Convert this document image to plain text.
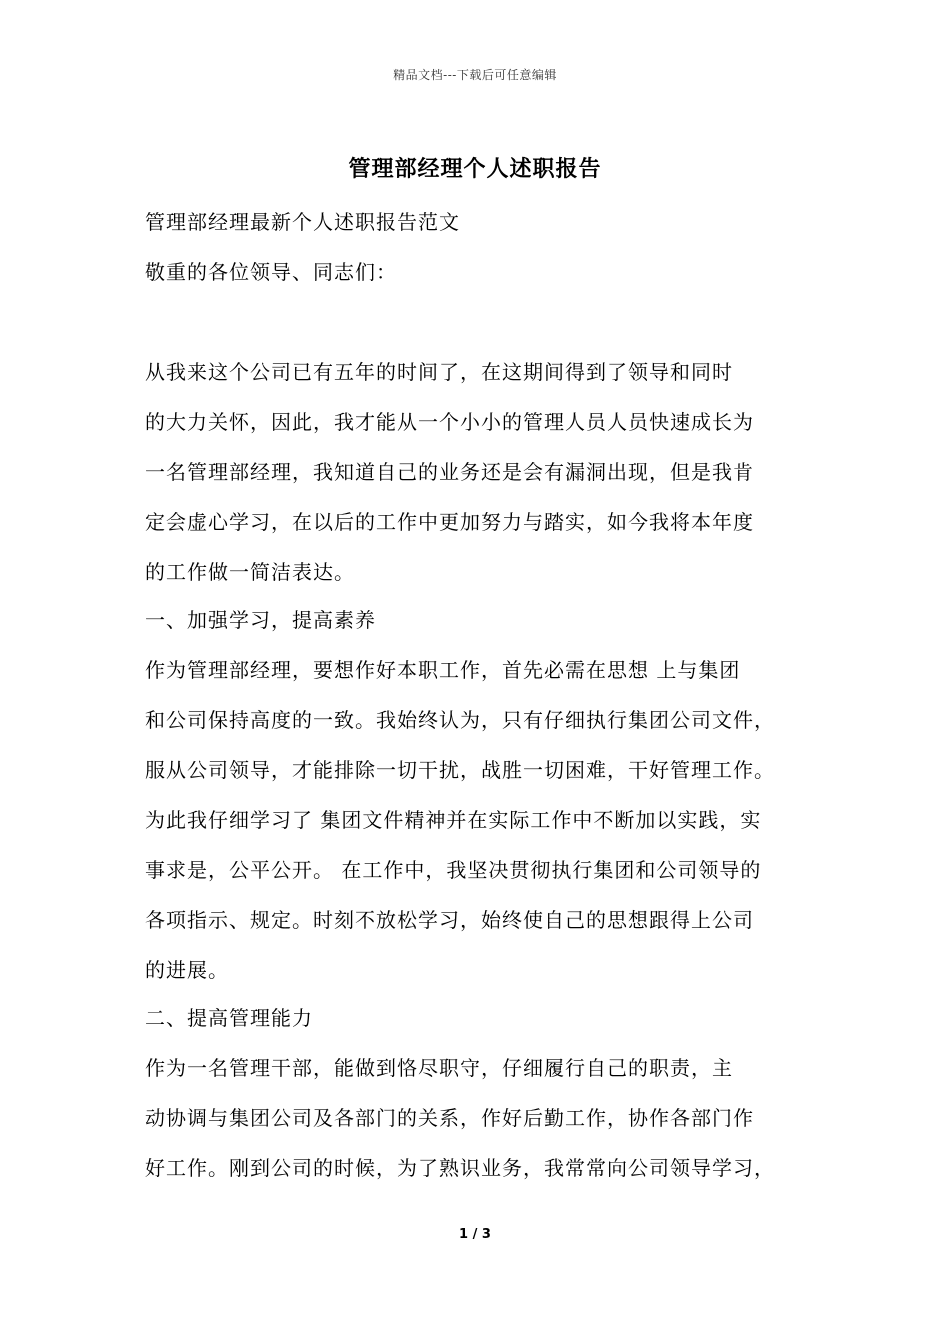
精品文档---下载后可任意编辑
管理部经理个人述职报告
管理部经理最新个人述职报告范文
敬重的各位领导、同志们：
从我来这个公司已有五年的时间了，在这期间得到了领导和同时
的大力关怀，因此，我才能从一个小小的管理人员人员快速成长为
一名管理部经理，我知道自己的业务还是会有漏洞出现，但是我肯
定会虚心学习，在以后的工作中更加努力与踏实，如今我将本年度
的工作做一简洁表达。
一、加强学习，提高素养
作为管理部经理，要想作好本职工作，首先必需在思想 上与集团
和公司保持高度的一致。我始终认为，只有仔细执行集团公司文件，
服从公司领导，才能排除一切干扰，战胜一切困难，干好管理工作。
为此我仔细学习了 集团文件精神并在实际工作中不断加以实践，实
事求是，公平公开。 在工作中，我坚决贯彻执行集团和公司领导的
各项指示、规定。时刻不放松学习，始终使自己的思想跟得上公司
的进展。
二、提高管理能力
作为一名管理干部，能做到恪尽职守，仔细履行自己的职责，主
动协调与集团公司及各部门的关系，作好后勤工作，协作各部门作
好工作。刚到公司的时候，为了熟识业务，我常常向公司领导学习，
1 / 3
